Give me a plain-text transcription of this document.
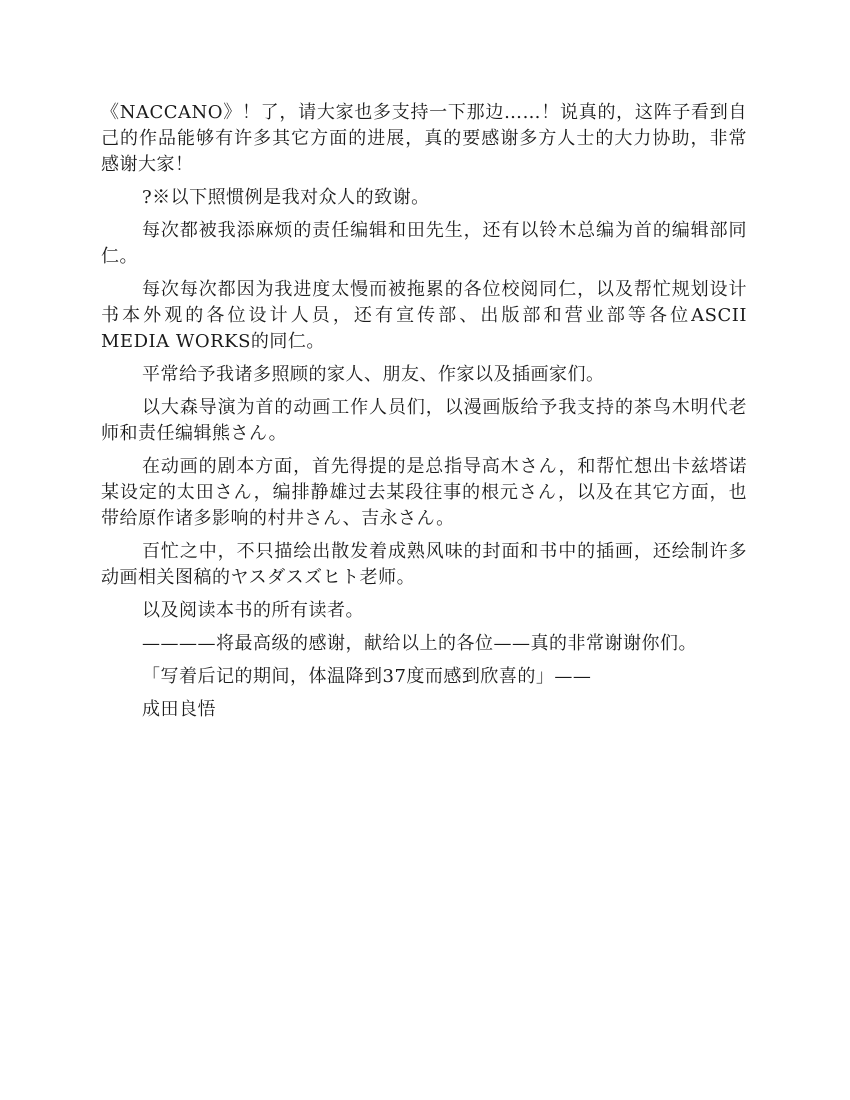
《NACCANO》！了，请大家也多支持一下那边……！说真的，这阵子看到自己的作品能够有许多其它方面的进展，真的要感谢多方人士的大力协助，非常感谢大家！

?※以下照惯例是我对众人的致谢。

每次都被我添麻烦的责任编辑和田先生，还有以铃木总编为首的编辑部同仁。

每次每次都因为我进度太慢而被拖累的各位校阅同仁，以及帮忙规划设计书本外观的各位设计人员，还有宣传部、出版部和营业部等各位ASCII MEDIA WORKS的同仁。

平常给予我诸多照顾的家人、朋友、作家以及插画家们。

以大森导演为首的动画工作人员们，以漫画版给予我支持的茶鸟木明代老师和责任编辑熊さん。

在动画的剧本方面，首先得提的是总指导高木さん，和帮忙想出卡兹塔诺某设定的太田さん，编排静雄过去某段往事的根元さん，以及在其它方面，也带给原作诸多影响的村井さん、吉永さん。

百忙之中，不只描绘出散发着成熟风味的封面和书中的插画，还绘制许多动画相关图稿的ヤスダスズヒト老师。

以及阅读本书的所有读者。

————将最高级的感谢，献给以上的各位——真的非常谢谢你们。

「写着后记的期间，体温降到37度而感到欣喜的」——

成田良悟
